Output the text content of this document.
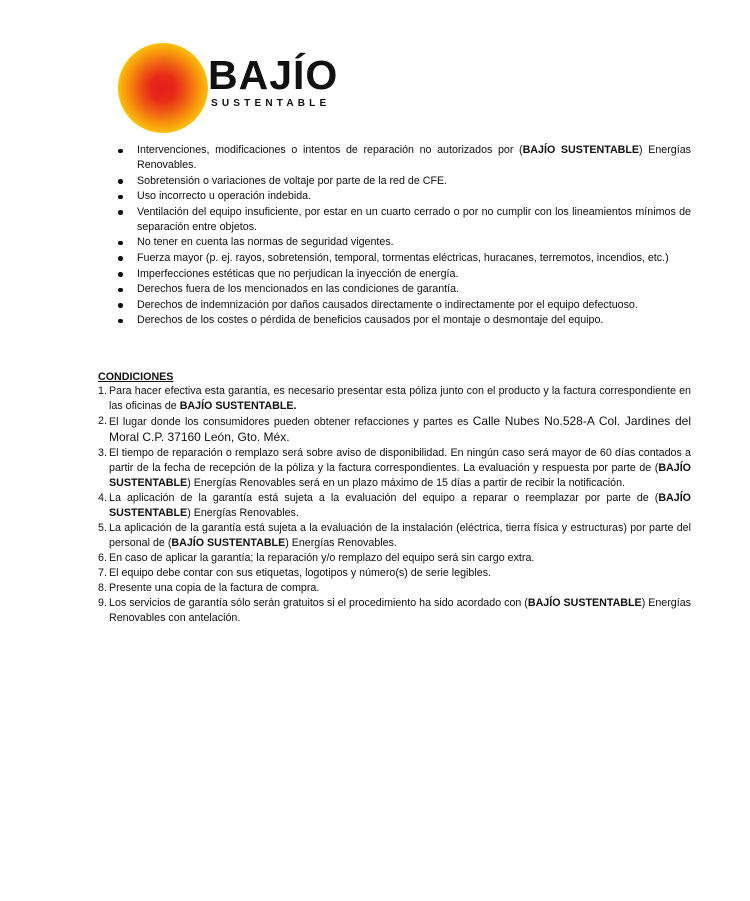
BAJÍO
SUSTENTABLE
Intervenciones, modificaciones o intentos de reparación no autorizados por (BAJÍO SUSTENTABLE) Energías Renovables.
Sobretensión o variaciones de voltaje por parte de la red de CFE.
Uso incorrecto u operación indebida.
Ventilación del equipo insuficiente, por estar en un cuarto cerrado o por no cumplir con los lineamientos mínimos de separación entre objetos.
No tener en cuenta las normas de seguridad vigentes.
Fuerza mayor (p. ej. rayos, sobretensión, temporal, tormentas eléctricas, huracanes, terremotos, incendios, etc.)
Imperfecciones estéticas que no perjudican la inyección de energía.
Derechos fuera de los mencionados en las condiciones de garantía.
Derechos de indemnización por daños causados directamente o indirectamente por el equipo defectuoso.
Derechos de los costes o pérdida de beneficios causados por el montaje o desmontaje del equipo.
CONDICIONES
1. Para hacer efectiva esta garantía, es necesario presentar esta póliza junto con el producto y la factura correspondiente en las oficinas de BAJÍO SUSTENTABLE.
2. El lugar donde los consumidores pueden obtener refacciones y partes es Calle Nubes No.528-A Col. Jardines del Moral C.P. 37160 León, Gto. Méx.
3. El tiempo de reparación o remplazo será sobre aviso de disponibilidad. En ningún caso será mayor de 60 días contados a partir de la fecha de recepción de la póliza y la factura correspondientes. La evaluación y respuesta por parte de (BAJÍO SUSTENTABLE) Energías Renovables será en un plazo máximo de 15 días a partir de recibir la notificación.
4. La aplicación de la garantía está sujeta a la evaluación del equipo a reparar o reemplazar por parte de (BAJÍO SUSTENTABLE) Energías Renovables.
5. La aplicación de la garantía está sujeta a la evaluación de la instalación (eléctrica, tierra física y estructuras) por parte del personal de (BAJÍO SUSTENTABLE) Energías Renovables.
6. En caso de aplicar la garantía; la reparación y/o remplazo del equipo será sin cargo extra.
7. El equipo debe contar con sus etiquetas, logotipos y número(s) de serie legibles.
8. Presente una copia de la factura de compra.
9. Los servicios de garantía sólo serán gratuitos si el procedimiento ha sido acordado con (BAJÍO SUSTENTABLE) Energías Renovables con antelación.
